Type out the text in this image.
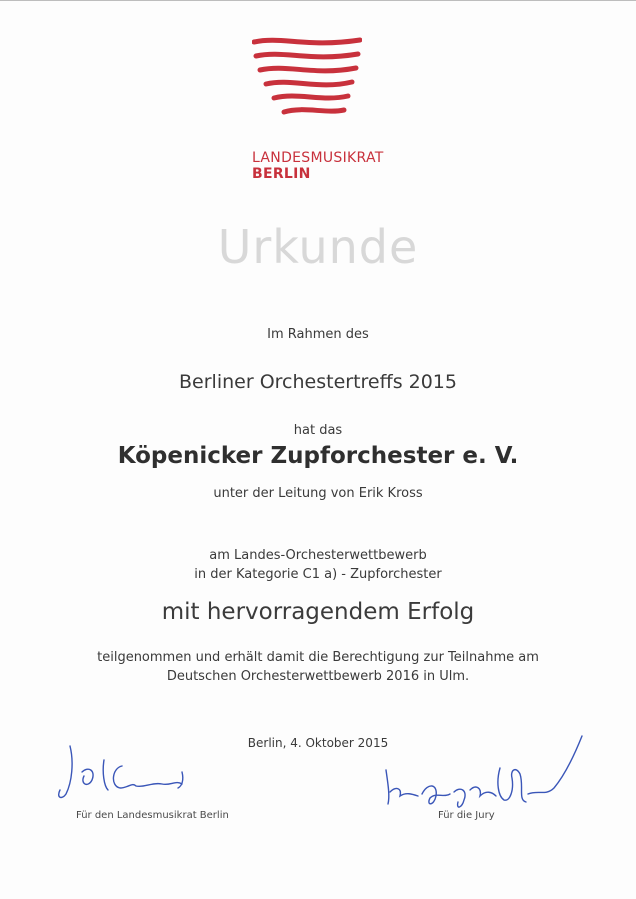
LANDESMUSIKRAT
BERLIN
Urkunde
Im Rahmen des
Berliner Orchestertreffs 2015
hat das
Köpenicker Zupforchester e. V.
unter der Leitung von Erik Kross
am Landes-Orchesterwettbewerb
in der Kategorie C1 a) - Zupforchester
mit hervorragendem Erfolg
teilgenommen und erhält damit die Berechtigung zur Teilnahme am
Deutschen Orchesterwettbewerb 2016 in Ulm.
Berlin, 4. Oktober 2015
Für den Landesmusikrat Berlin	Für die Jury
